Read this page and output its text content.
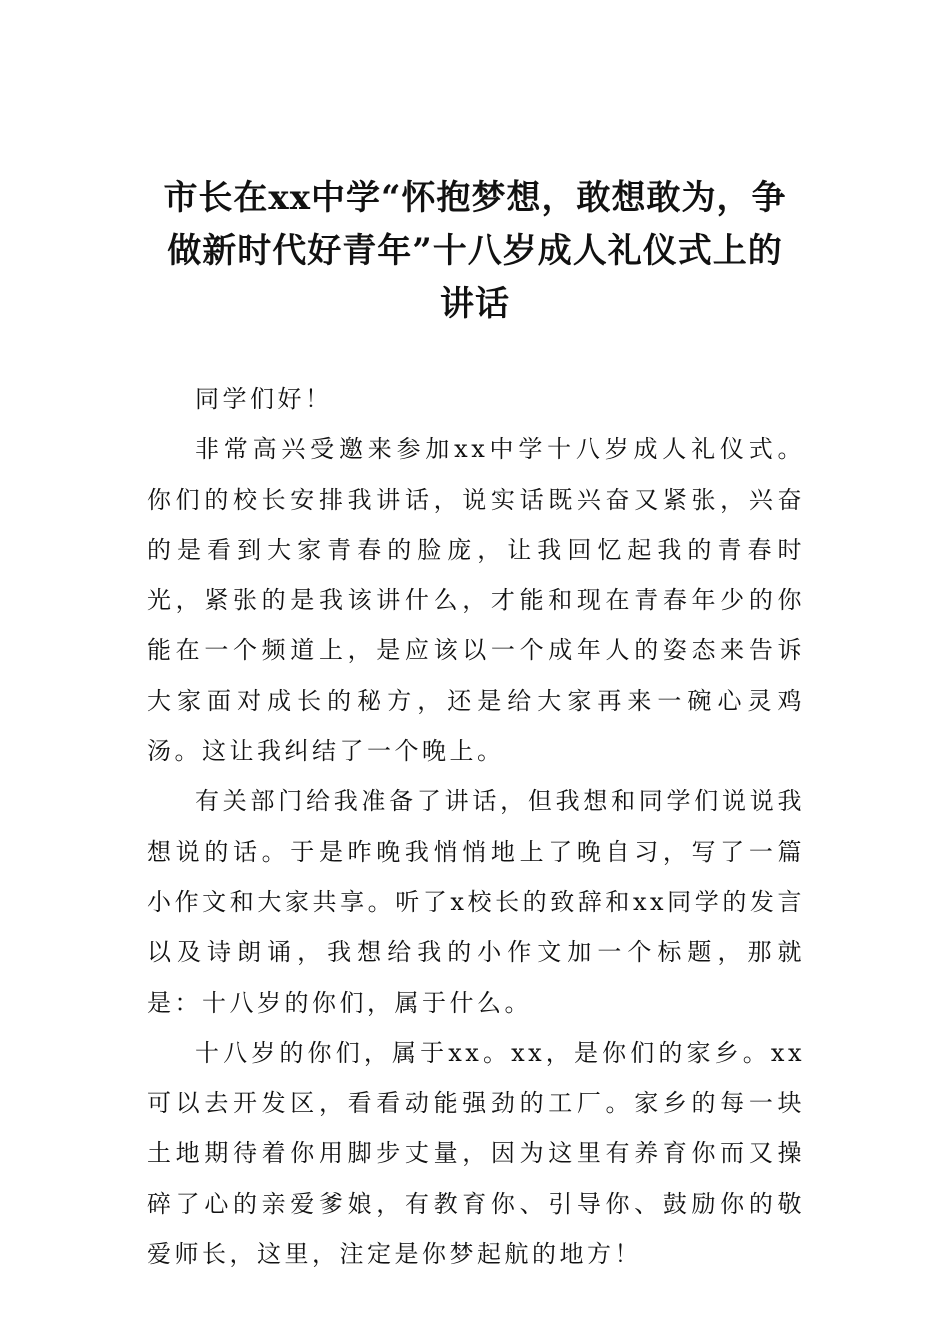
市长在xx中学“怀抱梦想，敢想敢为，争
做新时代好青年”十八岁成人礼仪式上的
讲话

同学们好！

非常高兴受邀来参加xx中学十八岁成人礼仪式。你们的校长安排我讲话，说实话既兴奋又紧张，兴奋的是看到大家青春的脸庞，让我回忆起我的青春时光，紧张的是我该讲什么，才能和现在青春年少的你能在一个频道上，是应该以一个成年人的姿态来告诉大家面对成长的秘方，还是给大家再来一碗心灵鸡汤。这让我纠结了一个晚上。

有关部门给我准备了讲话，但我想和同学们说说我想说的话。于是昨晚我悄悄地上了晚自习，写了一篇小作文和大家共享。听了x校长的致辞和xx同学的发言以及诗朗诵，我想给我的小作文加一个标题，那就是：十八岁的你们，属于什么。

十八岁的你们，属于xx。xx，是你们的家乡。xx可以去开发区，看看动能强劲的工厂。家乡的每一块土地期待着你用脚步丈量，因为这里有养育你而又操碎了心的亲爱爹娘，有教育你、引导你、鼓励你的敬爱师长，这里，注定是你梦起航的地方！
